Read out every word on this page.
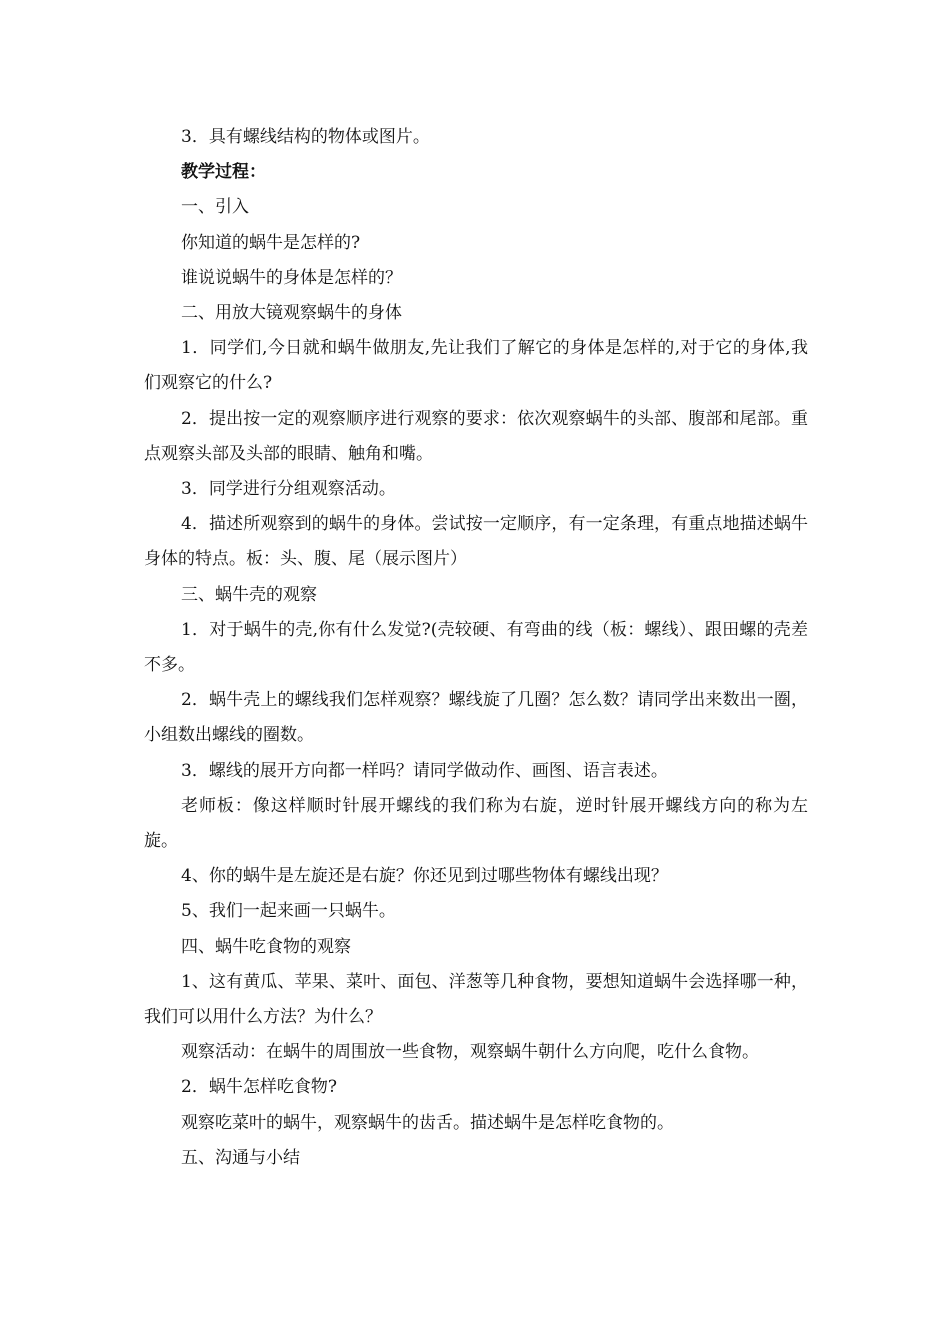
3．具有螺线结构的物体或图片。

教学过程：

一、引入

你知道的蜗牛是怎样的?

谁说说蜗牛的身体是怎样的？

二、用放大镜观察蜗牛的身体

1．同学们,今日就和蜗牛做朋友,先让我们了解它的身体是怎样的,对于它的身体,我们观察它的什么?

2．提出按一定的观察顺序进行观察的要求：依次观察蜗牛的头部、腹部和尾部。重点观察头部及头部的眼睛、触角和嘴。

3．同学进行分组观察活动。

4．描述所观察到的蜗牛的身体。尝试按一定顺序，有一定条理，有重点地描述蜗牛身体的特点。板：头、腹、尾（展示图片）

三、蜗牛壳的观察

1．对于蜗牛的壳,你有什么发觉?(壳较硬、有弯曲的线（板：螺线）、跟田螺的壳差不多。

2．蜗牛壳上的螺线我们怎样观察？螺线旋了几圈？怎么数？请同学出来数出一圈，小组数出螺线的圈数。

3．螺线的展开方向都一样吗？请同学做动作、画图、语言表述。

老师板：像这样顺时针展开螺线的我们称为右旋，逆时针展开螺线方向的称为左旋。

4、你的蜗牛是左旋还是右旋？你还见到过哪些物体有螺线出现？

5、我们一起来画一只蜗牛。

四、蜗牛吃食物的观察

1、这有黄瓜、苹果、菜叶、面包、洋葱等几种食物，要想知道蜗牛会选择哪一种，我们可以用什么方法？为什么？

观察活动：在蜗牛的周围放一些食物，观察蜗牛朝什么方向爬，吃什么食物。

2．蜗牛怎样吃食物?

观察吃菜叶的蜗牛，观察蜗牛的齿舌。描述蜗牛是怎样吃食物的。

五、沟通与小结
